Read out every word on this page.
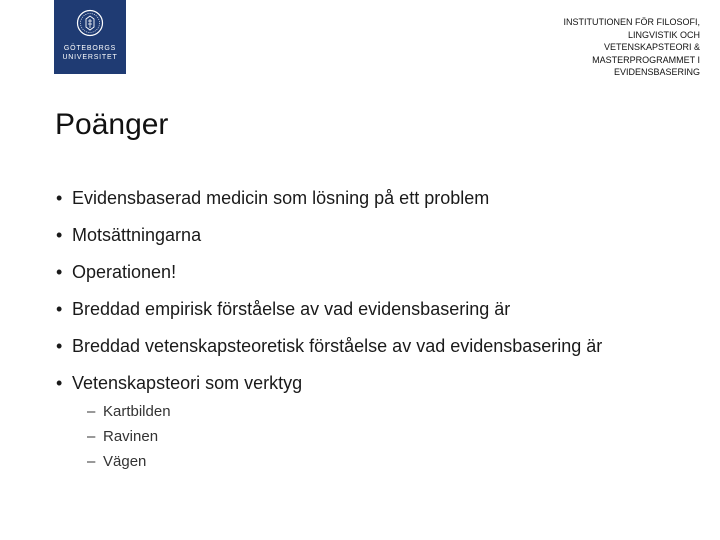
GÖTEBORGS
UNIVERSITET
INSTITUTIONEN FÖR FILOSOFI,
LINGVISTIK OCH
VETENSKAPSTEORI &
MASTERPROGRAMMET I
EVIDENSBASERING
Poänger
• Evidensbaserad medicin som lösning på ett problem
• Motsättningarna
• Operationen!
• Breddad empirisk förståelse av vad evidensbasering är
• Breddad vetenskapsteoretisk förståelse av vad evidensbasering är
• Vetenskapsteori som verktyg
– Kartbilden
– Ravinen
– Vägen
